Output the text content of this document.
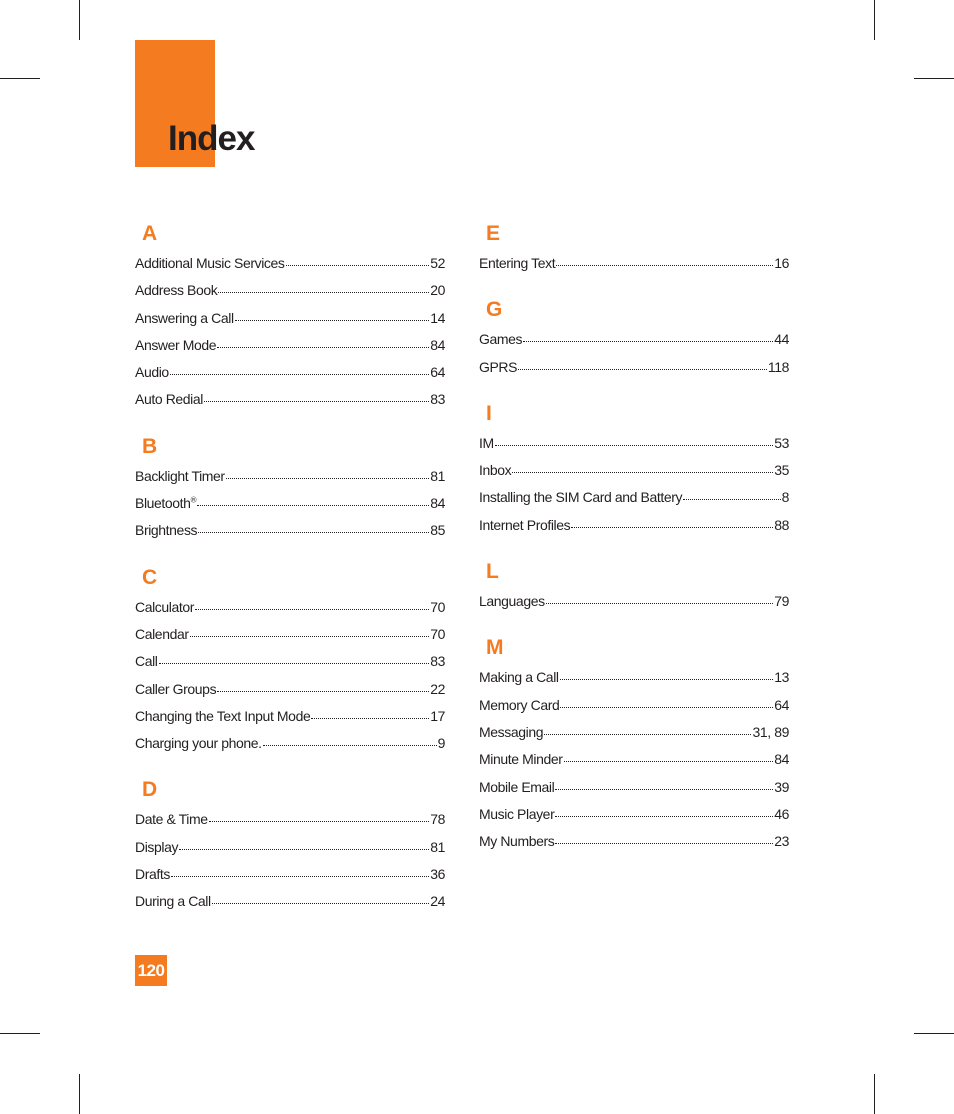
Index
A
Additional Music Services	52
Address Book	20
Answering a Call	14
Answer Mode	84
Audio	64
Auto Redial	83
B
Backlight Timer	81
Bluetooth®	84
Brightness	85
C
Calculator	70
Calendar	70
Call	83
Caller Groups	22
Changing the Text Input Mode	17
Charging your phone.	9
D
Date & Time	78
Display	81
Drafts	36
During a Call	24
E
Entering Text	16
G
Games	44
GPRS	118
I
IM	53
Inbox	35
Installing the SIM Card and Battery	8
Internet Profiles	88
L
Languages	79
M
Making a Call	13
Memory Card	64
Messaging	31, 89
Minute Minder	84
Mobile Email	39
Music Player	46
My Numbers	23
120
